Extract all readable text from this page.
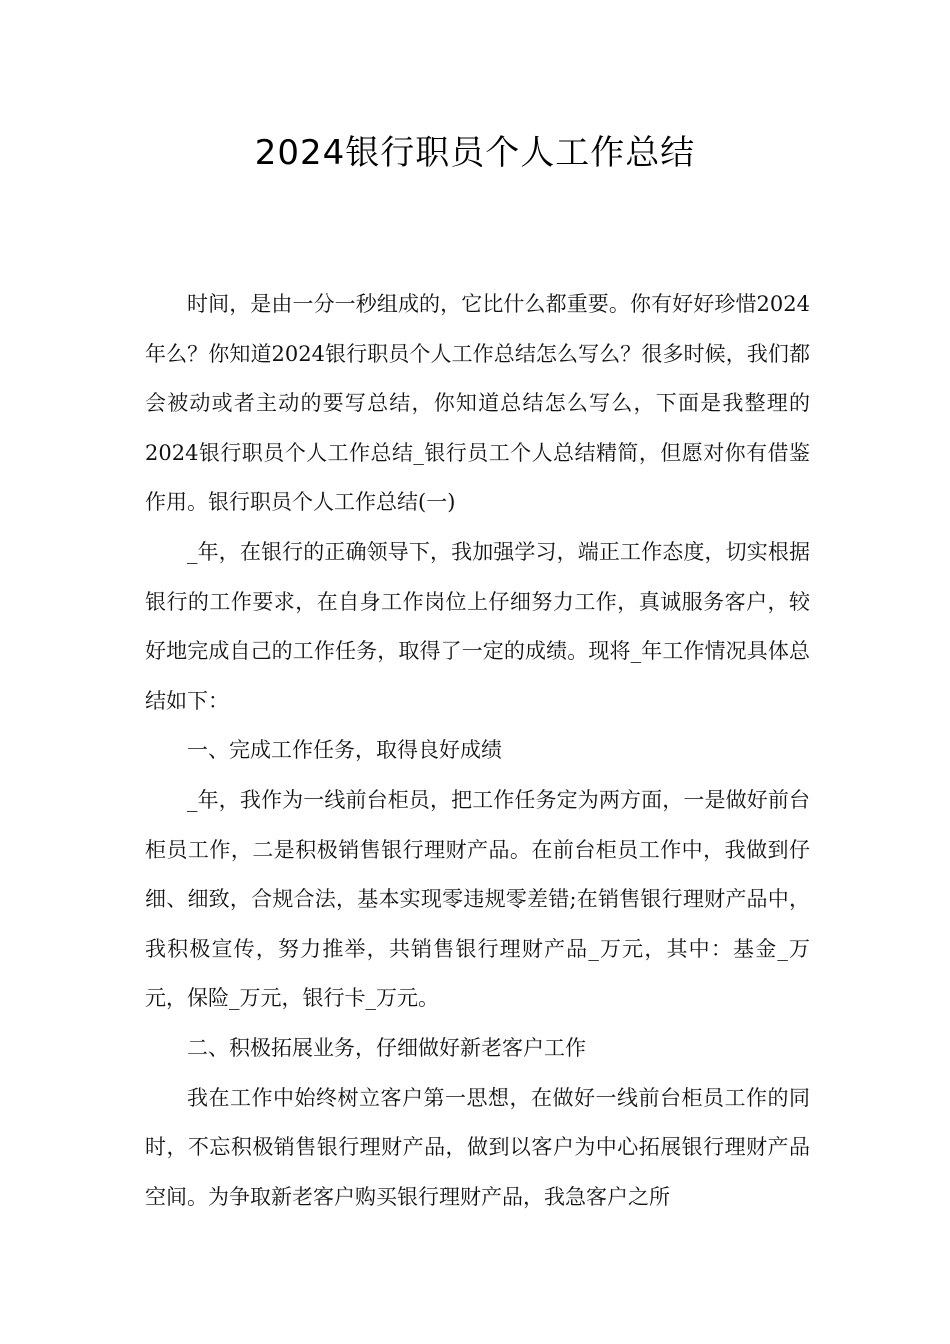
2024银行职员个人工作总结

时间，是由一分一秒组成的，它比什么都重要。你有好好珍惜2024年么？你知道2024银行职员个人工作总结怎么写么？很多时候，我们都会被动或者主动的要写总结，你知道总结怎么写么，下面是我整理的2024银行职员个人工作总结_银行员工个人总结精简，但愿对你有借鉴作用。银行职员个人工作总结(一)

_年，在银行的正确领导下，我加强学习，端正工作态度，切实根据银行的工作要求，在自身工作岗位上仔细努力工作，真诚服务客户，较好地完成自己的工作任务，取得了一定的成绩。现将_年工作情况具体总结如下：

一、完成工作任务，取得良好成绩

_年，我作为一线前台柜员，把工作任务定为两方面，一是做好前台柜员工作，二是积极销售银行理财产品。在前台柜员工作中，我做到仔细、细致，合规合法，基本实现零违规零差错;在销售银行理财产品中，我积极宣传，努力推举，共销售银行理财产品_万元，其中：基金_万元，保险_万元，银行卡_万元。

二、积极拓展业务，仔细做好新老客户工作

我在工作中始终树立客户第一思想，在做好一线前台柜员工作的同时，不忘积极销售银行理财产品，做到以客户为中心拓展银行理财产品空间。为争取新老客户购买银行理财产品，我急客户之所
